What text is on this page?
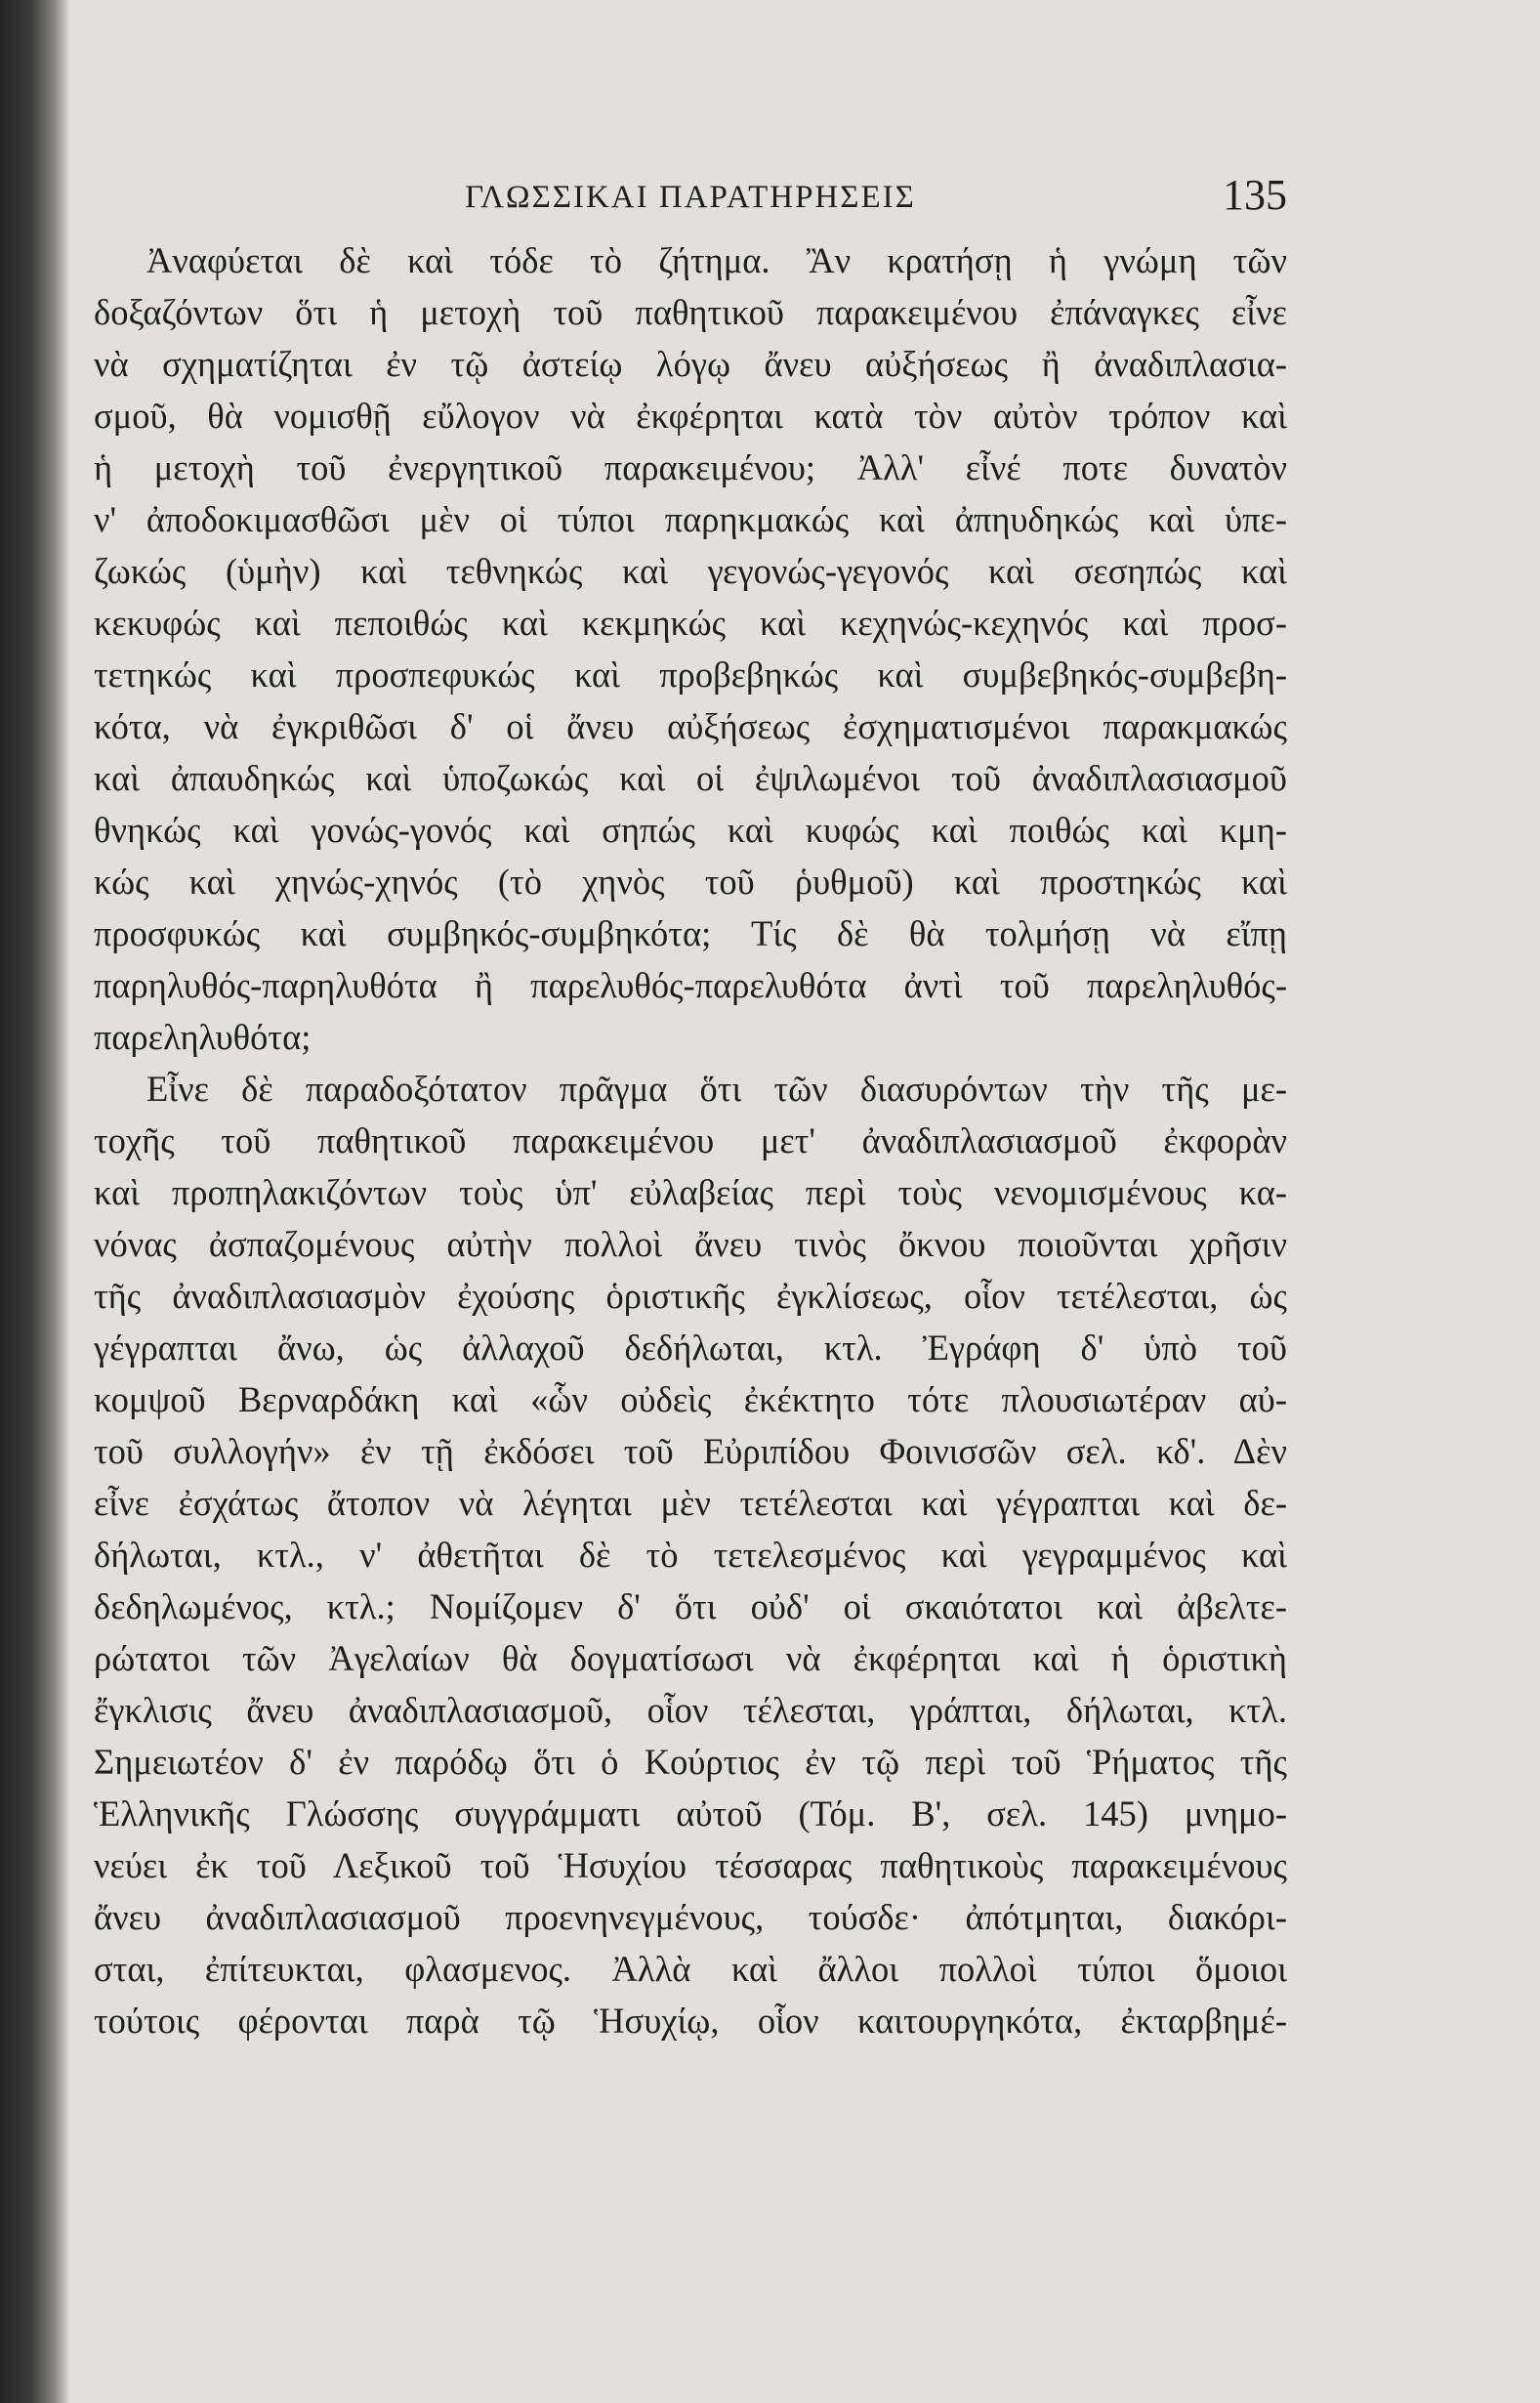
ΓΛΩΣΣΙΚΑΙ ΠΑΡΑΤΗΡΗΣΕΙΣ	135

Ἀναφύεται δὲ καὶ τόδε τὸ ζήτημα. Ἂν κρατήσῃ ἡ γνώμη τῶν
δοξαζόντων ὅτι ἡ μετοχὴ τοῦ παθητικοῦ παρακειμένου ἐπάναγκες εἶνε
νὰ σχηματίζηται ἐν τῷ ἀστείῳ λόγῳ ἄνευ αὐξήσεως ἢ ἀναδιπλασια-
σμοῦ, θὰ νομισθῇ εὔλογον νὰ ἐκφέρηται κατὰ τὸν αὐτὸν τρόπον καὶ
ἡ μετοχὴ τοῦ ἐνεργητικοῦ παρακειμένου; Ἀλλ' εἶνέ ποτε δυνατὸν
ν' ἀποδοκιμασθῶσι μὲν οἱ τύποι παρηκμακώς καὶ ἀπηυδηκώς καὶ ὑπε-
ζωκώς (ὑμὴν) καὶ τεθνηκώς καὶ γεγονώς-γεγονός καὶ σεσηπώς καὶ
κεκυφώς καὶ πεποιθώς καὶ κεκμηκώς καὶ κεχηνώς-κεχηνός καὶ προσ-
τετηκώς καὶ προσπεφυκώς καὶ προβεβηκώς καὶ συμβεβηκός-συμβεβη-
κότα, νὰ ἐγκριθῶσι δ' οἱ ἄνευ αὐξήσεως ἐσχηματισμένοι παρακμακώς
καὶ ἀπαυδηκώς καὶ ὑποζωκώς καὶ οἱ ἐψιλωμένοι τοῦ ἀναδιπλασιασμοῦ
θνηκώς καὶ γονώς-γονός καὶ σηπώς καὶ κυφώς καὶ ποιθώς καὶ κμη-
κώς καὶ χηνώς-χηνός (τὸ χηνὸς τοῦ ῥυθμοῦ) καὶ προστηκώς καὶ
προσφυκώς καὶ συμβηκός-συμβηκότα; Τίς δὲ θὰ τολμήσῃ νὰ εἴπῃ
παρηλυθός-παρηλυθότα ἢ παρελυθός-παρελυθότα ἀντὶ τοῦ παρεληλυθός-παρεληλυθότα;

Εἶνε δὲ παραδοξότατον πρᾶγμα ὅτι τῶν διασυρόντων τὴν τῆς με-
τοχῆς τοῦ παθητικοῦ παρακειμένου μετ' ἀναδιπλασιασμοῦ ἐκφορὰν
καὶ προπηλακιζόντων τοὺς ὑπ' εὐλαβείας περὶ τοὺς νενομισμένους κα-
νόνας ἀσπαζομένους αὐτὴν πολλοὶ ἄνευ τινὸς ὄκνου ποιοῦνται χρῆσιν
τῆς ἀναδιπλασιασμὸν ἐχούσης ὁριστικῆς ἐγκλίσεως, οἷον τετέλεσται, ὡς
γέγραπται ἄνω, ὡς ἀλλαχοῦ δεδήλωται, κτλ. Ἐγράφη δ' ὑπὸ τοῦ
κομψοῦ Βερναρδάκη καὶ «ὧν οὐδεὶς ἐκέκτητο τότε πλουσιωτέραν αὐ-
τοῦ συλλογήν» ἐν τῇ ἐκδόσει τοῦ Εὐριπίδου Φοινισσῶν σελ. κδ'. Δὲν
εἶνε ἐσχάτως ἄτοπον νὰ λέγηται μὲν τετέλεσται καὶ γέγραπται καὶ δε-
δήλωται, κτλ., ν' ἀθετῆται δὲ τὸ τετελεσμένος καὶ γεγραμμένος καὶ
δεδηλωμένος, κτλ.; Νομίζομεν δ' ὅτι οὐδ' οἱ σκαιότατοι καὶ ἀβελτε-
ρώτατοι τῶν Ἀγελαίων θὰ δογματίσωσι νὰ ἐκφέρηται καὶ ἡ ὁριστικὴ
ἔγκλισις ἄνευ ἀναδιπλασιασμοῦ, οἷον τέλεσται, γράπται, δήλωται, κτλ.
Σημειωτέον δ' ἐν παρόδῳ ὅτι ὁ Κούρτιος ἐν τῷ περὶ τοῦ Ῥήματος τῆς
Ἑλληνικῆς Γλώσσης συγγράμματι αὐτοῦ (Τόμ. Β', σελ. 145) μνημο-
νεύει ἐκ τοῦ Λεξικοῦ τοῦ Ἡσυχίου τέσσαρας παθητικοὺς παρακειμένους
ἄνευ ἀναδιπλασιασμοῦ προενηνεγμένους, τούσδε· ἀπότμηται, διακόρι-
σται, ἐπίτευκται, φλασμενος. Ἀλλὰ καὶ ἄλλοι πολλοὶ τύποι ὅμοιοι
τούτοις φέρονται παρὰ τῷ Ἡσυχίῳ, οἷον καιτουργηκότα, ἐκταρβημέ-
